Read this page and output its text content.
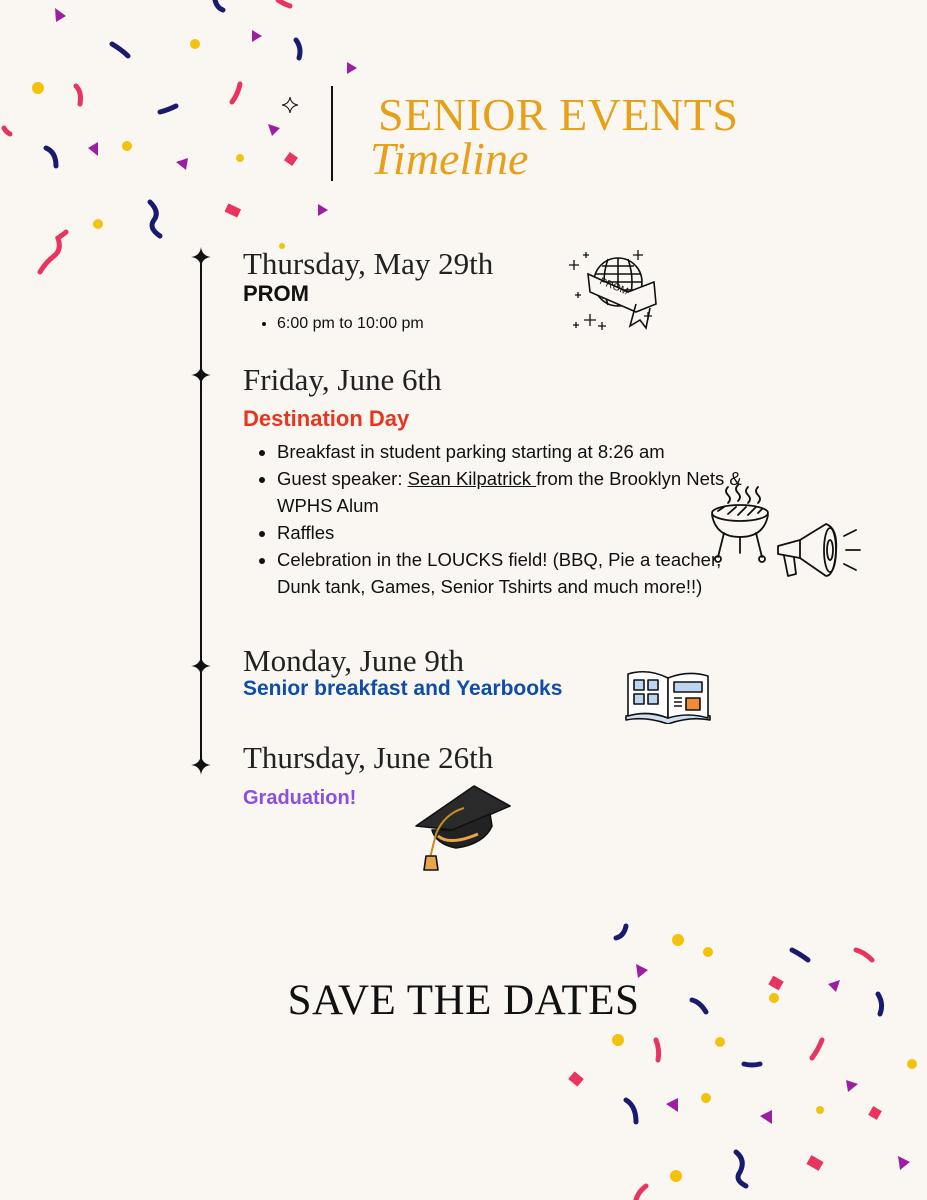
SENIOR EVENTS
Timeline
Thursday, May 29th
PROM
• 6:00 pm to 10:00 pm
PROM
Friday, June 6th
Destination Day
• Breakfast in student parking starting at 8:26 am
• Guest speaker: Sean Kilpatrick from the Brooklyn Nets & WPHS Alum
• Raffles
• Celebration in the LOUCKS field! (BBQ, Pie a teacher, Dunk tank, Games, Senior Tshirts and much more!!)
Monday, June 9th
Senior breakfast and Yearbooks
Thursday, June 26th
Graduation!
SAVE THE DATES
